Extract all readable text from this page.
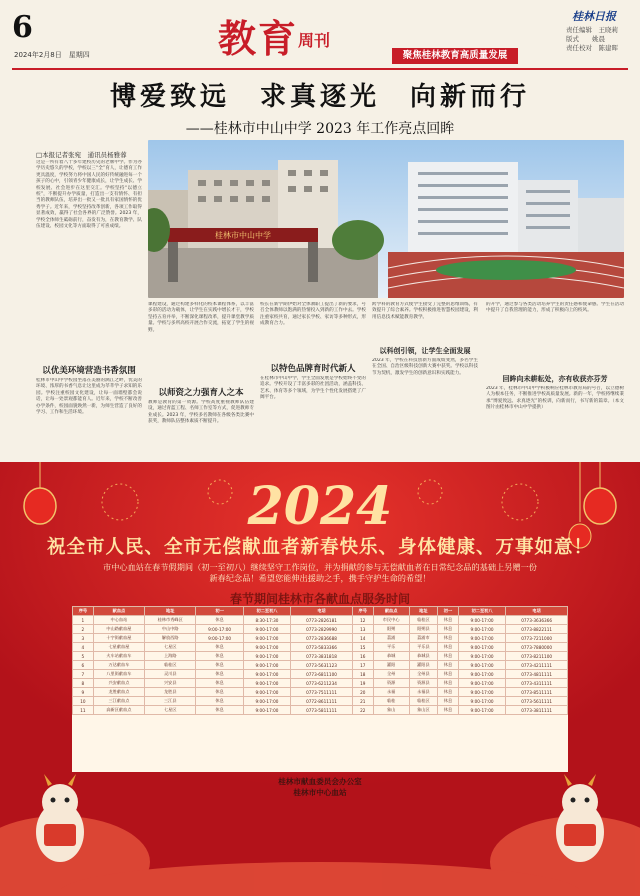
6
2024年2月8日　星期四	教育 周刊
聚焦桂林教育高质量发展
桂林日报
责任编辑　王晓莉
版式　　姚晨
责任校对　陈建晖
博爱致远　求真逐光　向新而行
——桂林市中山中学 2023 年工作亮点回眸
□本报记者张宛　通讯员杨雅蓉
这是一所有着八十多年建校历史的老牌中学。作为办学历史悠久的学校，学校以三“全”育人，让德育工作更具温度，学校努力将中国人民的好传统融进每一个孩子的心中，引领青少年健康成长，让学生成长、学校发展、社会进步在这里交汇。学校坚持“以德立校”，不断提升办学质量，打造出一支有情怀、有担当的教师队伍，培养出一批又一批具有家国情怀的优秀学子。近年来，学校坚持改革创新，各项工作取得显著成效，赢得了社会各界的广泛赞誉。2023 年，学校全体师生砥砺前行，奋发有为，在教育教学、队伍建设、校园文化等方面取得了可喜成绩。
以优美环境营造书香氛围
桂林市中山中学校园坐落在美丽的漓江之畔，优美的环境、浓厚的书香气息让这里成为莘莘学子求知的乐园。学校注重校园文化建设，让每一面墙壁都会说话，让每一处景观都能育人。近年来，学校不断改善办学条件，校园面貌焕然一新，为师生营造了良好的学习、工作和生活环境。
桂林市中山中学
课程建设，通过构建多样化的校本课程体系，以丰富多彩的活动为载体，让学生在实践中增长才干，学校坚持五育并举，不断深化课程改革，提升课堂教学质量。学校与多所高校开展合作交流，拓宽了学生的视野。
以师资之力强育人之本
教师是教育的第一资源。学校高度重视教师队伍建设，通过青蓝工程、名师工作室等方式，促进教师专业成长。2023 年，学校多名教师在各级各类比赛中获奖，教师队伍整体素质不断提升。
校长在新学期伊始对全体教职工提出了新的要求，号召全体教师以饱满的热情投入到新的工作中去。学校注重家校共育，通过家长学校、家访等多种形式，形成教育合力。
以特色品牌育时代新人
在桂林市中山中学，学生全面发展是学校始终不变的追求。学校开设了丰富多彩的社团活动，涵盖科技、艺术、体育等多个领域，为学生个性化发展搭建了广阔平台。
跨学科的教育方式使学生接受了完整的思维训练，有效提升了综合素养。学校积极推进智慧校园建设，利用信息技术赋能教育教学。
以科创引领，让学生全面发展
2023 年，学校在科技创新方面成绩斐然，多名学生在全国、自治区级科技创新大赛中获奖。学校以科技节为契机，激发学生的创新意识和实践能力。
的开学，通过参与各类活动培养学生的责任感和使命感。学生在活动中提升了自我管理的能力，形成了积极向上的校风。
回眸向未耕耘处，亦有收获亦芬芳
2023 年，桂林市中山中学积极响应桂林市教育局的号召，以立德树人为根本任务，不断推进学校高质量发展。新的一年，学校将继续秉承“博爱致远、求真逐光”的校训，向新而行，书写新的篇章。（本文图片由桂林市中山中学提供）
2024
祝全市人民、全市无偿献血者新春快乐、身体健康、万事如意！
市中心血站在春节假期间（初一至初八）继续坚守工作岗位，并为捐献的参与无偿献血者在日常纪念品的基础上另赠一份
新春纪念品！希望您能伸出援助之手，携手守护生命的希望！
春节期间桂林市各献血点服务时间
序号	献血点	地址	初一	初二至初八	电话	序号	献血点	地址	初一	初二至初八	电话
1	中心血站	桂林市秀峰区	休息	8:30-17:30	0773-2826181	12	市民中心	临桂区	休息	9:00-17:00	0773-3636366
2	中山路献血屋	中山中路	9:00-17:00	9:00-17:00	0773-2829990	13	阳朔	阳朔县	休息	9:00-17:00	0773-8822111
3	十字街献血屋	解放西路	9:00-17:00	9:00-17:00	0773-2836688	14	荔浦	荔浦市	休息	9:00-17:00	0773-7211000
4	七星献血屋	七星区	休息	9:00-17:00	0773-5833366	15	平乐	平乐县	休息	9:00-17:00	0773-7880000
5	火车站献血车	上海路	休息	9:00-17:00	0773-3831818	16	恭城	恭城县	休息	9:00-17:00	0773-8211100
6	万达献血车	临桂区	休息	9:00-17:00	0773-5631123	17	灌阳	灌阳县	休息	9:00-17:00	0773-4211111
7	八里街献血车	灵川县	休息	9:00-17:00	0773-6811100	18	全州	全州县	休息	9:00-17:00	0773-4811111
8	兴安献血点	兴安县	休息	9:00-17:00	0773-6211234	19	资源	资源县	休息	9:00-17:00	0773-4311111
9	龙胜献血点	龙胜县	休息	9:00-17:00	0773-7511111	20	永福	永福县	休息	9:00-17:00	0773-8511111
10	三江献血点	三江县	休息	9:00-17:00	0772-8611111	21	临桂	临桂区	休息	9:00-17:00	0773-5611111
11	高新区献血点	七星区	休息	9:00-17:00	0773-5811111	22	象山	象山区	休息	9:00-17:00	0773-3811111
桂林市献血委员会办公室
桂林市中心血站
